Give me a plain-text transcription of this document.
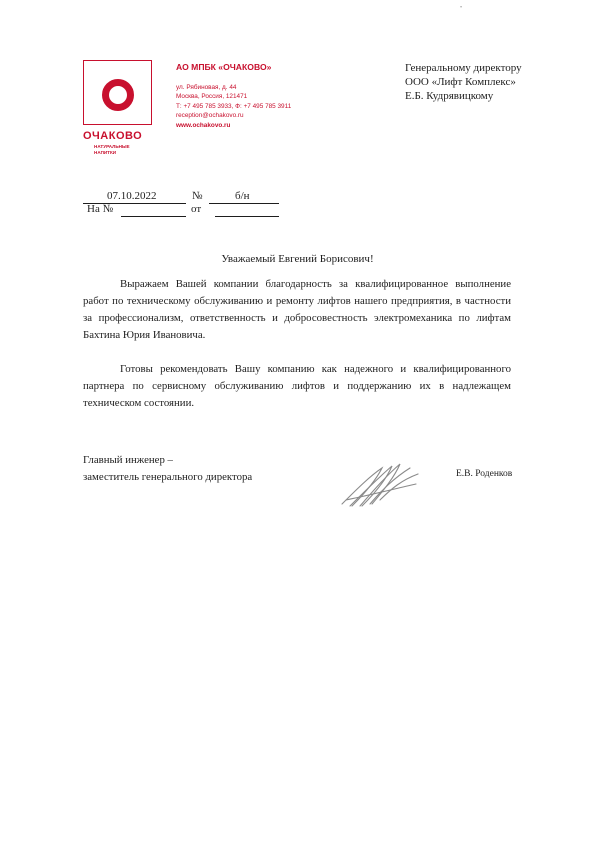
•
ОЧАКОВО
НАТУРАЛЬНЫЕ
НАПИТКИ
АО МПБК «ОЧАКОВО»
ул. Рябиновая, д. 44
Москва, Россия, 121471
Т: +7 495 785 3933, Ф: +7 495 785 3911
reception@ochakovo.ru
www.ochakovo.ru
Генеральному директору
ООО «Лифт Комплекс»
Е.Б. Кудрявицкому
07.10.2022	№	б/н
На №	от
Уважаемый Евгений Борисович!

Выражаем Вашей компании благодарность за квалифицированное выполнение работ по техническому обслуживанию и ремонту лифтов нашего предприятия, в частности за профессионализм, ответственность и добросовестность электромеханика по лифтам Бахтина Юрия Ивановича.

Готовы рекомендовать Вашу компанию как надежного и квалифицированного партнера по сервисному обслуживанию лифтов и поддержанию их в надлежащем техническом состоянии.

Главный инженер –
заместитель генерального директора	Е.В. Роденков
